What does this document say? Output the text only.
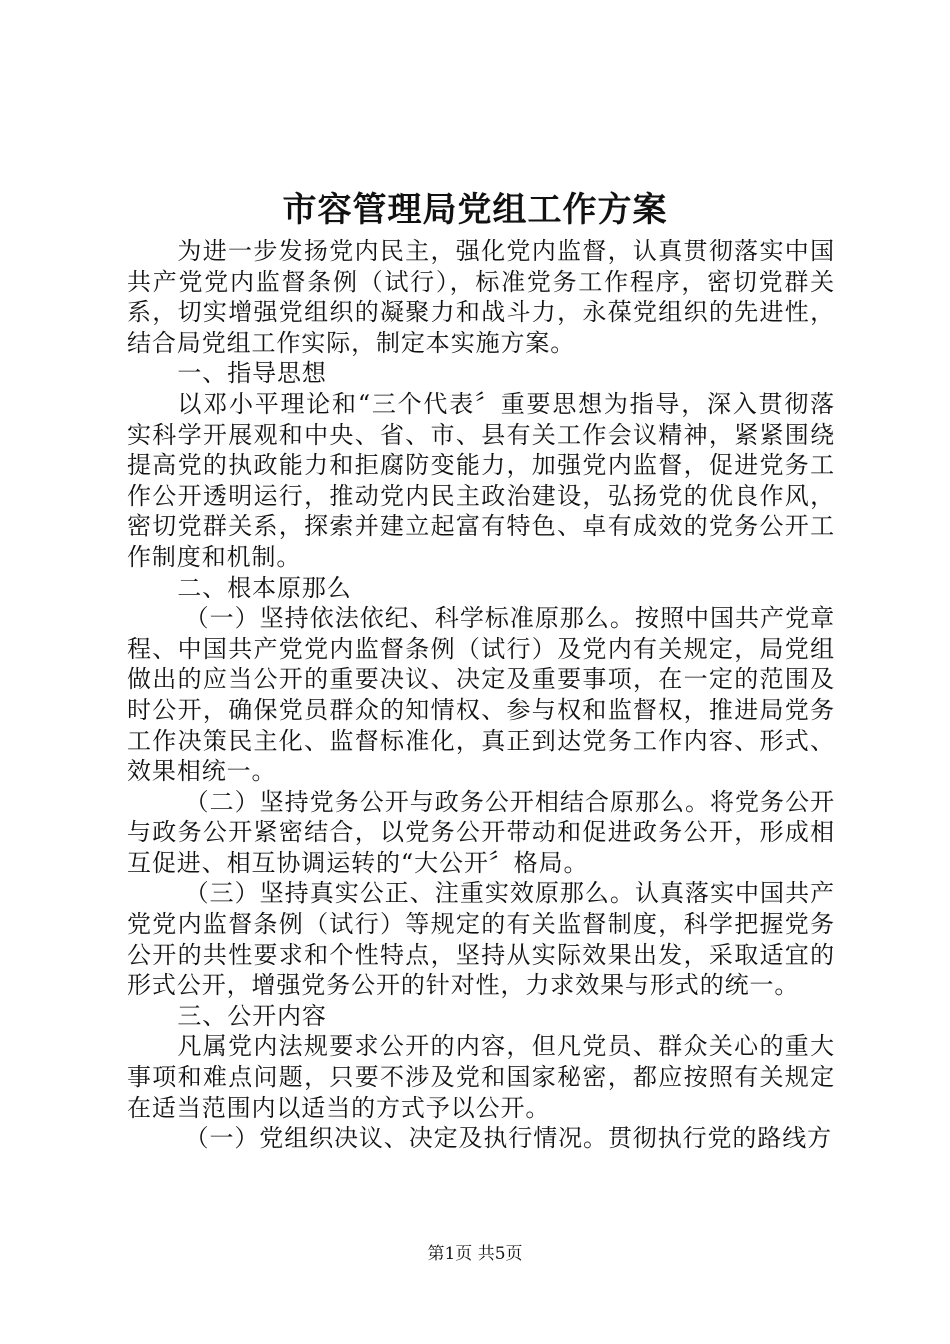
市容管理局党组工作方案

为进一步发扬党内民主，强化党内监督，认真贯彻落实中国共产党党内监督条例（试行），标准党务工作程序，密切党群关系，切实增强党组织的凝聚力和战斗力，永葆党组织的先进性，结合局党组工作实际，制定本实施方案。

一、指导思想

以邓小平理论和“三个代表〞重要思想为指导，深入贯彻落实科学开展观和中央、省、市、县有关工作会议精神，紧紧围绕提高党的执政能力和拒腐防变能力，加强党内监督，促进党务工作公开透明运行，推动党内民主政治建设，弘扬党的优良作风，密切党群关系，探索并建立起富有特色、卓有成效的党务公开工作制度和机制。

二、根本原那么

（一）坚持依法依纪、科学标准原那么。按照中国共产党章程、中国共产党党内监督条例（试行）及党内有关规定，局党组做出的应当公开的重要决议、决定及重要事项，在一定的范围及时公开，确保党员群众的知情权、参与权和监督权，推进局党务工作决策民主化、监督标准化，真正到达党务工作内容、形式、效果相统一。

（二）坚持党务公开与政务公开相结合原那么。将党务公开与政务公开紧密结合，以党务公开带动和促进政务公开，形成相互促进、相互协调运转的“大公开〞格局。

（三）坚持真实公正、注重实效原那么。认真落实中国共产党党内监督条例（试行）等规定的有关监督制度，科学把握党务公开的共性要求和个性特点，坚持从实际效果出发，采取适宜的形式公开，增强党务公开的针对性，力求效果与形式的统一。

三、公开内容

凡属党内法规要求公开的内容，但凡党员、群众关心的重大事项和难点问题，只要不涉及党和国家秘密，都应按照有关规定在适当范围内以适当的方式予以公开。

（一）党组织决议、决定及执行情况。贯彻执行党的路线方

第1页 共5页
